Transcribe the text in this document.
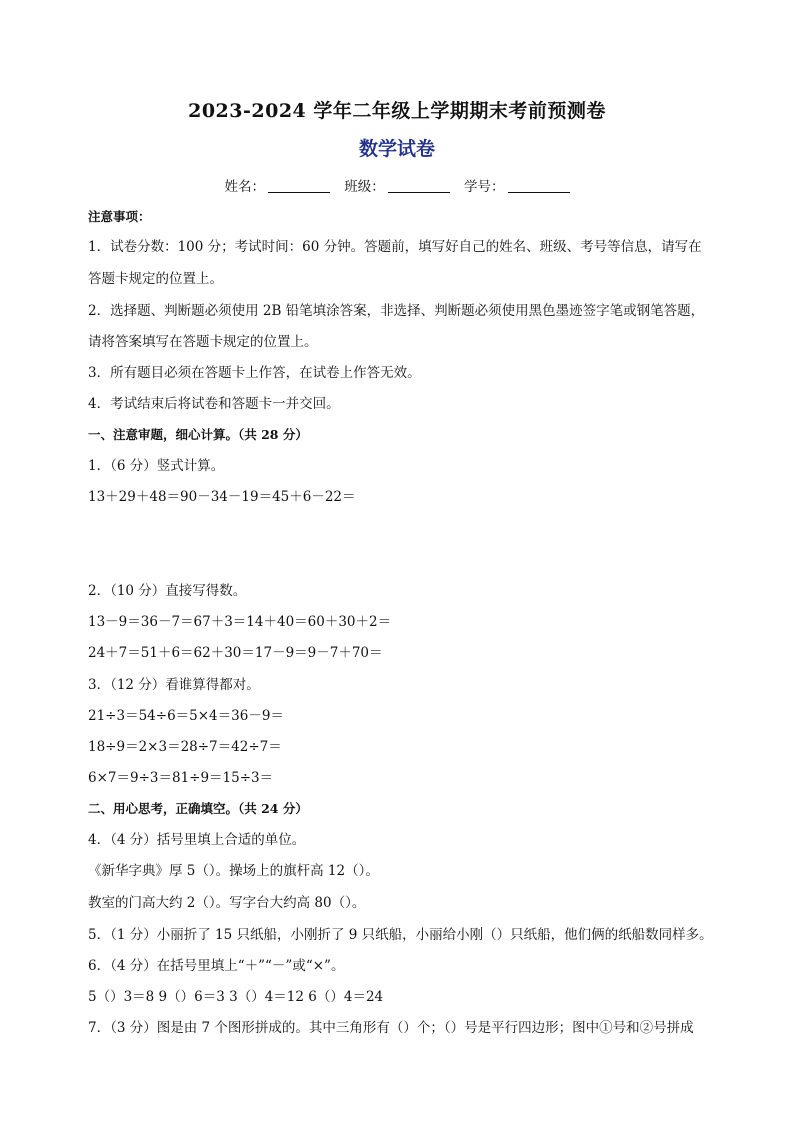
2023-2024 学年二年级上学期期末考前预测卷
数学试卷
姓名：	班级：	学号：
注意事项：
1．试卷分数：100 分；考试时间：60 分钟。答题前，填写好自己的姓名、班级、考号等信息，请写在
答题卡规定的位置上。
2．选择题、判断题必须使用 2B 铅笔填涂答案，非选择、判断题必须使用黑色墨迹签字笔或钢笔答题，
请将答案填写在答题卡规定的位置上。
3．所有题目必须在答题卡上作答，在试卷上作答无效。
4．考试结束后将试卷和答题卡一并交回。
一、注意审题，细心计算。（共 28 分）
1．（6 分）竖式计算。
13＋29＋48＝90－34－19＝45＋6－22＝
2．（10 分）直接写得数。
13－9＝36－7＝67＋3＝14＋40＝60＋30＋2＝
24＋7＝51＋6＝62＋30＝17－9＝9－7＋70＝
3．（12 分）看谁算得都对。
21÷3＝54÷6＝5×4＝36－9＝
18÷9＝2×3＝28÷7＝42÷7＝
6×7＝9÷3＝81÷9＝15÷3＝
二、用心思考，正确填空。（共 24 分）
4．（4 分）括号里填上合适的单位。
《新华字典》厚 5（）。操场上的旗杆高 12（）。
教室的门高大约 2（）。写字台大约高 80（）。
5．（1 分）小丽折了 15 只纸船，小刚折了 9 只纸船，小丽给小刚（）只纸船，他们俩的纸船数同样多。
6．（4 分）在括号里填上“＋”“－”或“×”。
5（）3＝8 9（）6＝3 3（）4＝12 6（）4＝24
7．（3 分）图是由 7 个图形拼成的。其中三角形有（）个；（）号是平行四边形；图中①号和②号拼成
